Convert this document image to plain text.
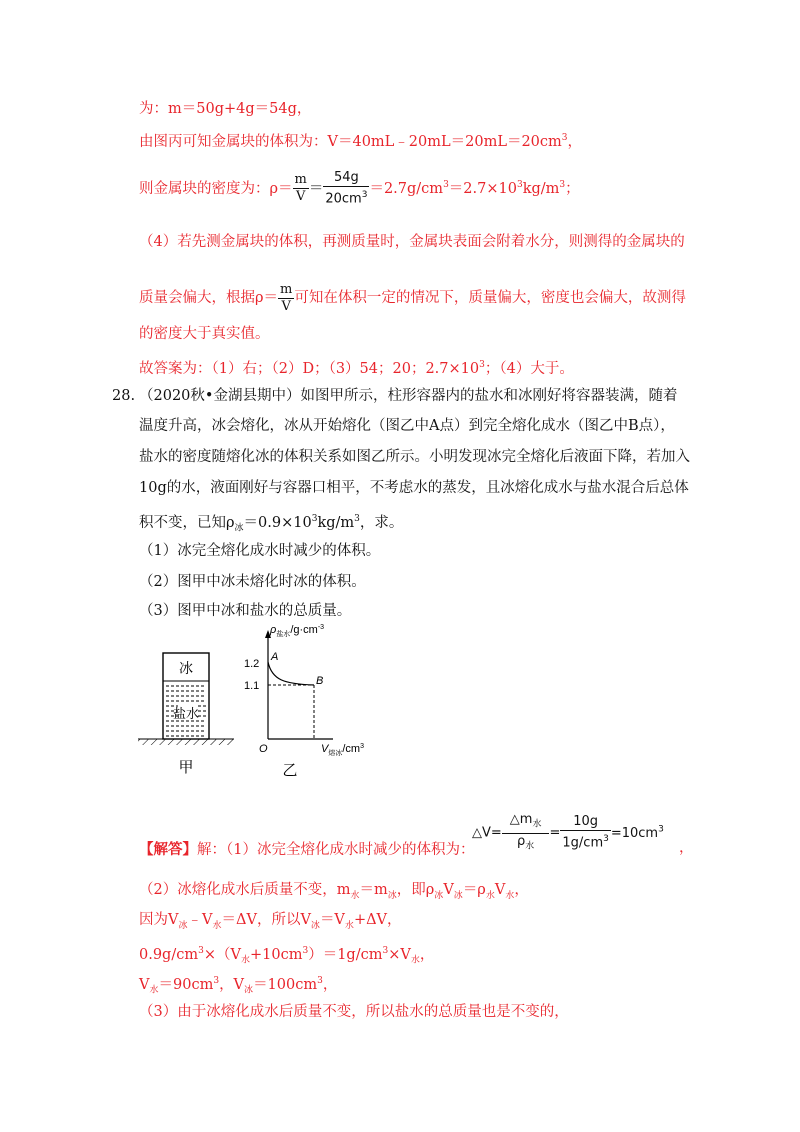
为：m＝50g+4g＝54g，
由图丙可知金属块的体积为：$V=40mL﹣20mL=20mL=20cm^3$，
则金属块的密度为：$\rho= \frac{m}{V} = \frac{54g}{20cm^3} =2.7g/cm^3=2.7\times 10^3kg/m^3$；
（4）若先测金属块的体积，再测质量时，金属块表面会附着水分，则测得的金属块的
质量会偏大，根据$\rho= \frac{m}{V}$ 可知在体积一定的情况下，质量偏大，密度也会偏大，故测得
的密度大于真实值。
故答案为：（1）右；（2）D；（3）54；20；$2.7\times 10^3$；（4）大于。
28. （2020秋•金湖县期中）如图甲所示，柱形容器内的盐水和冰刚好将容器装满，随着
温度升高，冰会熔化，冰从开始熔化（图乙中A点）到完全熔化成水（图乙中B点），
盐水的密度随熔化冰的体积关系如图乙所示。小明发现冰完全熔化后液面下降，若加入
10g的水，液面刚好与容器口相平，不考虑水的蒸发，且冰熔化成水与盐水混合后总体
积不变，已知$\rho_冰=0.9\times 10^3kg/m^3$，求。
（1）冰完全熔化成水时减少的体积。
（2）图甲中冰未熔化时冰的体积。
（3）图甲中冰和盐水的总质量。
冰
盐水
甲
$\rho_{盐水}/g\cdot cm^{-3}$
1.2
1.1
A
B
O	$V_{熔冰}/cm^3$
乙
△V= $\frac{\triangle m_水}{\rho_水} = \frac{10g}{1g/cm^3} =10cm^3$
，
【解答】解：（1）冰完全熔化成水时减少的体积为：
（2）冰熔化成水后质量不变，$m_水=m_冰$，即$\rho_冰V_冰=\rho_水V_水$，
因为$V_冰﹣V_水=\Delta V$，所以$V_冰=V_水+\Delta V$，
$0.9g/cm^3\times(V_水+10cm^3)=1g/cm^3\times V_水$，
$V_水=90cm^3$，$V_冰=100cm^3$，
（3）由于冰熔化成水后质量不变，所以盐水的总质量也是不变的，
